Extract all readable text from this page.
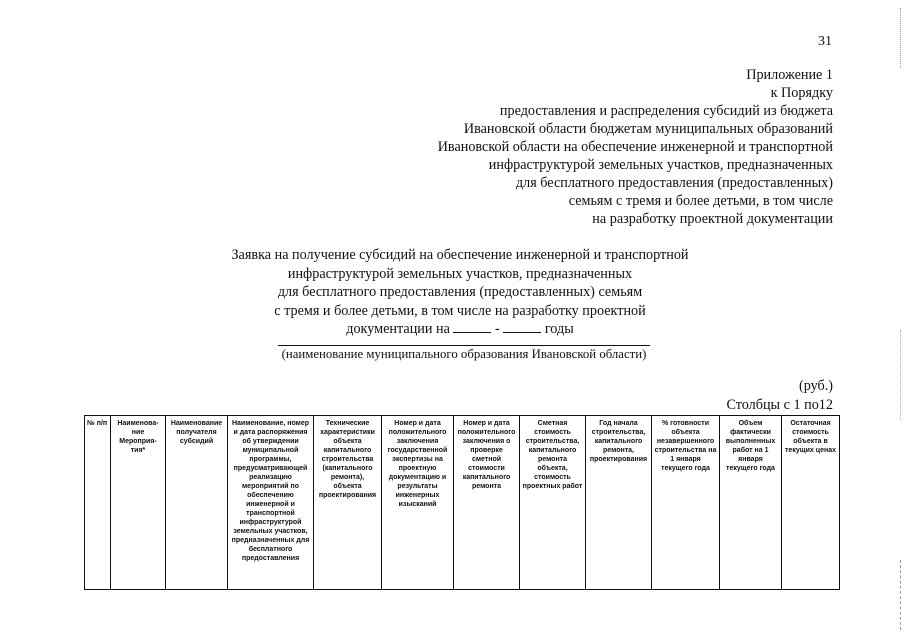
31
Приложение 1
к Порядку
предоставления и распределения субсидий из бюджета
Ивановской области бюджетам муниципальных образований
Ивановской области на обеспечение инженерной и транспортной
инфраструктурой земельных участков, предназначенных
для бесплатного предоставления (предоставленных)
семьям с тремя и более детьми, в том числе
на разработку проектной документации
Заявка на получение субсидий на обеспечение инженерной и транспортной
инфраструктурой земельных участков, предназначенных
для бесплатного предоставления (предоставленных) семьям
с тремя и более детьми, в том числе на разработку проектной
документации на	-	годы
(наименование муниципального образования Ивановской области)
(руб.)
Столбцы с 1 по12
№ п/п	Наименова-ние Мероприя-тия*	Наименование получателя субсидий	Наименование, номер и дата распоряжения об утверждении муниципальной программы, предусматривающей реализацию мероприятий по обеспечению инженерной и транспортной инфраструктурой земельных участков, предназначенных для бесплатного предоставления	Технические характеристики объекта капитального строительства (капитального ремонта), объекта проектирования	Номер и дата положительного заключения государственной экспертизы на проектную документацию и результаты инженерных изысканий	Номер и дата положительного заключения о проверке сметной стоимости капитального ремонта	Сметная стоимость строительства, капитального ремонта объекта, стоимость проектных работ	Год начала строительства, капитального ремонта, проектирования	% готовности объекта незавершенного строительства на 1 января текущего года	Объем фактически выполненных работ на 1 января текущего года	Остаточная стоимость объекта в текущих ценах
